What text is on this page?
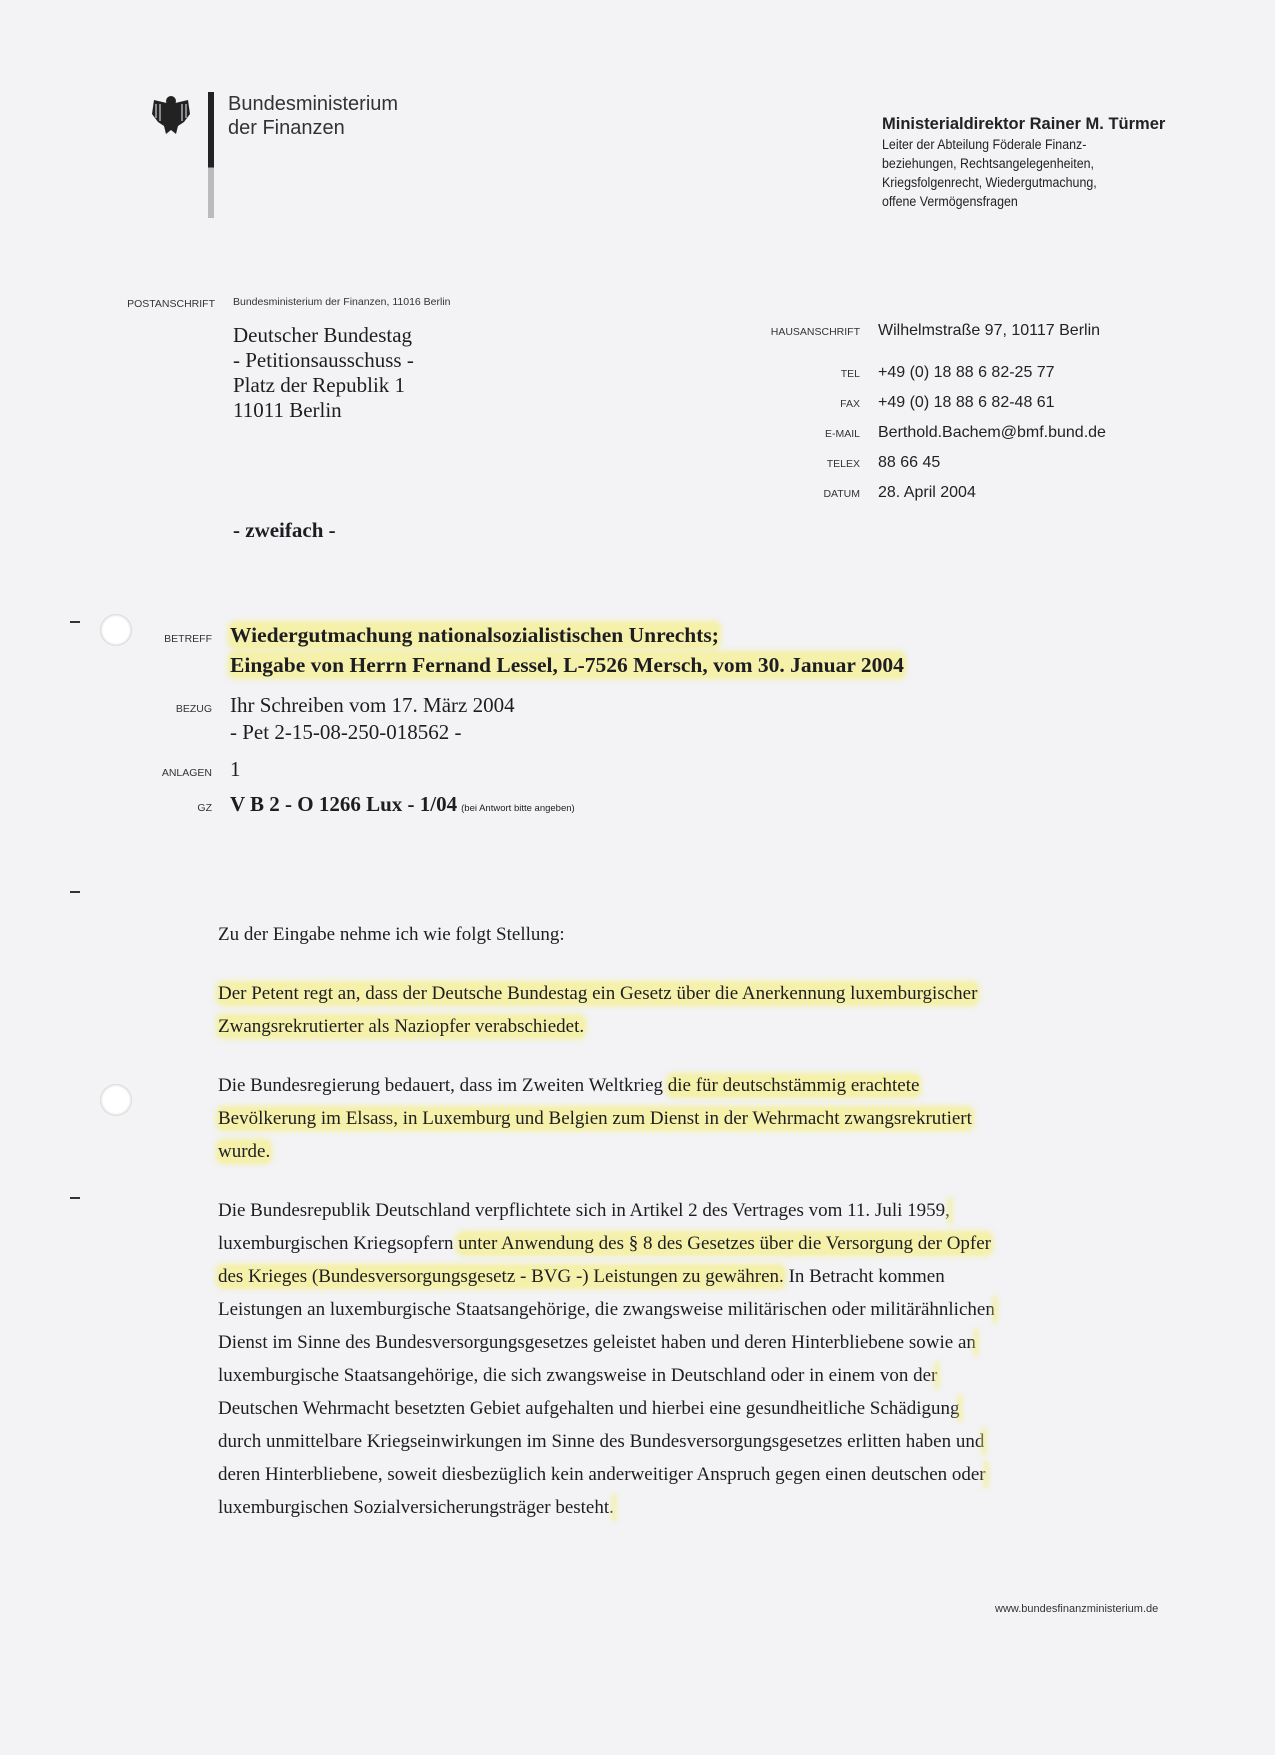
Bundesministerium
der Finanzen	Ministerialdirektor Rainer M. Türmer
Leiter der Abteilung Föderale Finanz-
beziehungen, Rechtsangelegenheiten,
Kriegsfolgenrecht, Wiedergutmachung,
offene Vermögensfragen
POSTANSCHRIFT Bundesministerium der Finanzen, 11016 Berlin
Deutscher Bundestag
- Petitionsausschuss -
Platz der Republik 1
11011 Berlin
- zweifach -
HAUSANSCHRIFT	Wilhelmstraße 97, 10117 Berlin
TEL	+49 (0) 18 88 6 82-25 77
FAX	+49 (0) 18 88 6 82-48 61
E-MAIL	Berthold.Bachem@bmf.bund.de
TELEX	88 66 45
DATUM	28. April 2004
BETREFF Wiedergutmachung nationalsozialistischen Unrechts;
Eingabe von Herrn Fernand Lessel, L-7526 Mersch, vom 30. Januar 2004
BEZUG Ihr Schreiben vom 17. März 2004
- Pet 2-15-08-250-018562 -
ANLAGEN 1
GZ V B 2 - O 1266 Lux - 1/04
(bei Antwort bitte angeben)
Zu der Eingabe nehme ich wie folgt Stellung:
Der Petent regt an, dass der Deutsche Bundestag ein Gesetz über die Anerkennung luxemburgischer
Zwangsrekrutierter als Naziopfer verabschiedet.
Die Bundesregierung bedauert, dass im Zweiten Weltkrieg die für deutschstämmig erachtete
Bevölkerung im Elsass, in Luxemburg und Belgien zum Dienst in der Wehrmacht zwangsrekrutiert
wurde.
Die Bundesrepublik Deutschland verpflichtete sich in Artikel 2 des Vertrages vom 11. Juli 1959,
luxemburgischen Kriegsopfern unter Anwendung des § 8 des Gesetzes über die Versorgung der Opfer
des Krieges (Bundesversorgungsgesetz - BVG -) Leistungen zu gewähren. In Betracht kommen
Leistungen an luxemburgische Staatsangehörige, die zwangsweise militärischen oder militärähnlichen
Dienst im Sinne des Bundesversorgungsgesetzes geleistet haben und deren Hinterbliebene sowie an
luxemburgische Staatsangehörige, die sich zwangsweise in Deutschland oder in einem von der
Deutschen Wehrmacht besetzten Gebiet aufgehalten und hierbei eine gesundheitliche Schädigung
durch unmittelbare Kriegseinwirkungen im Sinne des Bundesversorgungsgesetzes erlitten haben und
deren Hinterbliebene, soweit diesbezüglich kein anderweitiger Anspruch gegen einen deutschen oder
luxemburgischen Sozialversicherungsträger besteht.
www.bundesfinanzministerium.de
